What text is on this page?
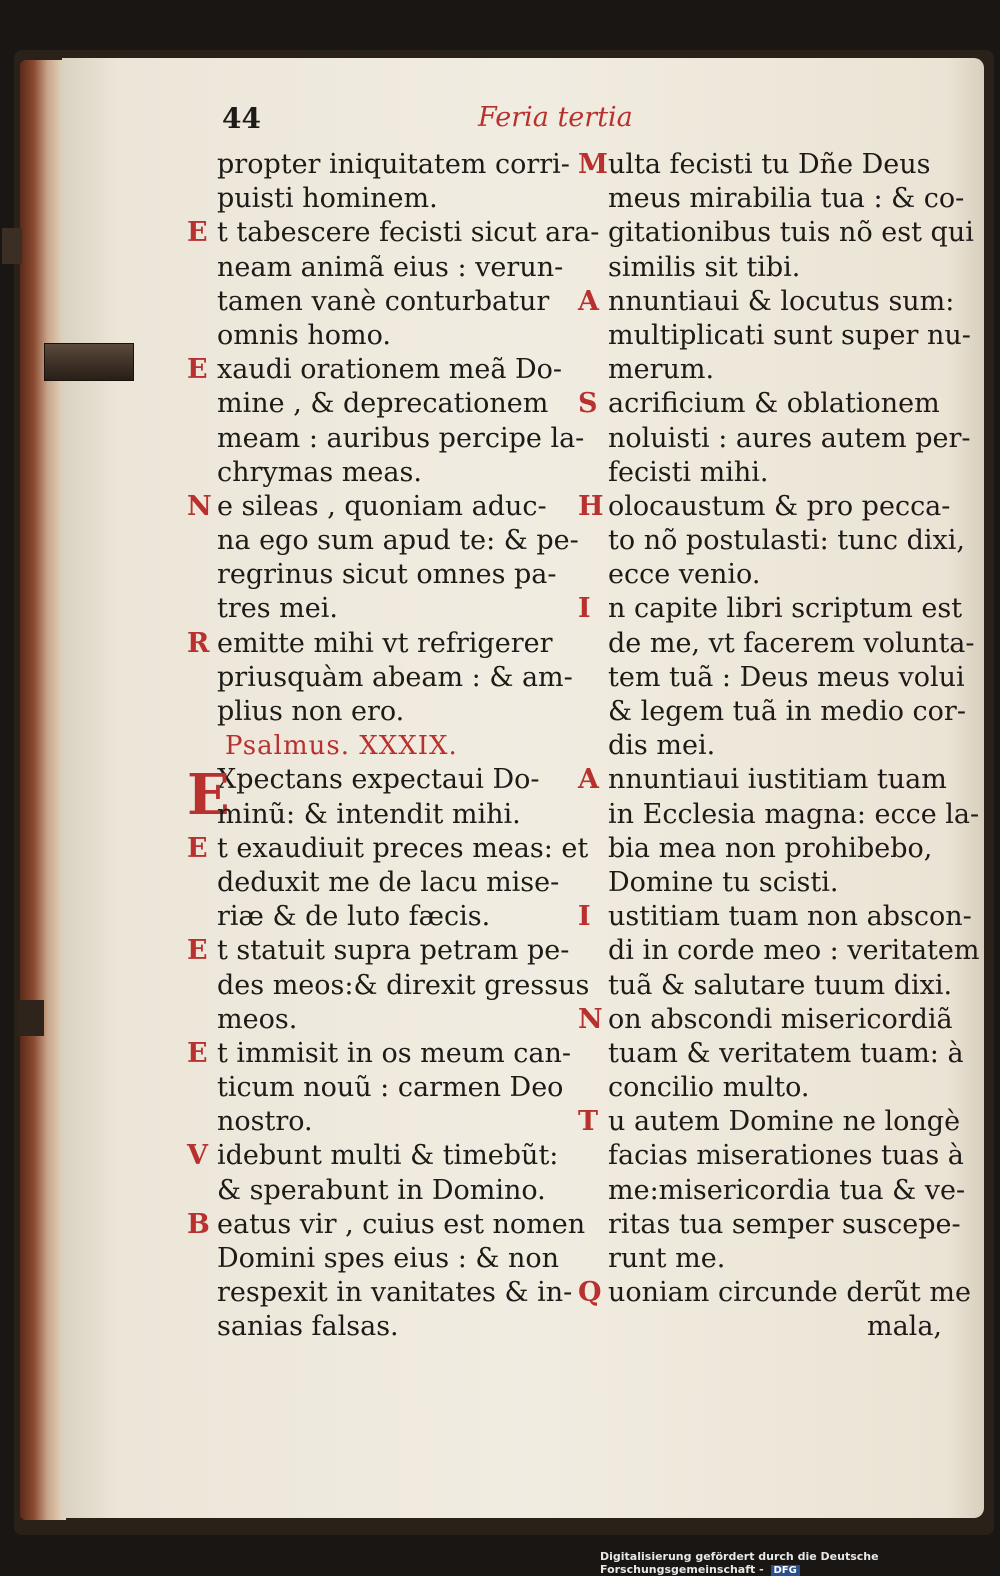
44	Feria tertia
propter iniquitatem corri-
puisti hominem.
E t tabescere fecisti sicut ara-
neam animã eius : verun-
tamen vanè conturbatur
omnis homo.
E xaudi orationem meã Do-
mine , & deprecationem
meam : auribus percipe la-
chrymas meas.
N e sileas , quoniam aduc-
na ego sum apud te: & pe-
regrinus sicut omnes pa-
tres mei.
R emitte mihi vt refrigerer
priusquàm abeam : & am-
plius non ero.
Psalmus. XXXIX.
E
Xpectans expectaui Do-
minũ: & intendit mihi.
E t exaudiuit preces meas: et
deduxit me de lacu mise-
riæ & de luto fæcis.
E t statuit supra petram pe-
des meos:& direxit gressus
meos.
E t immisit in os meum can-
ticum nouũ : carmen Deo
nostro.
V idebunt multi & timebũt:
& sperabunt in Domino.
B eatus vir , cuius est nomen
Domini spes eius : & non
respexit in vanitates & in-
sanias falsas.
M ulta fecisti tu Dñe Deus
meus mirabilia tua : & co-
gitationibus tuis nõ est qui
similis sit tibi.
A nnuntiaui & locutus sum:
multiplicati sunt super nu-
merum.
S acrificium & oblationem
noluisti : aures autem per-
fecisti mihi.
H olocaustum & pro pecca-
to nõ postulasti: tunc dixi,
ecce venio.
I n capite libri scriptum est
de me, vt facerem volunta-
tem tuã : Deus meus volui
& legem tuã in medio cor-
dis mei.
A nnuntiaui iustitiam tuam
in Ecclesia magna: ecce la-
bia mea non prohibebo,
Domine tu scisti.
I ustitiam tuam non abscon-
di in corde meo : veritatem
tuã & salutare tuum dixi.
N on abscondi misericordiã
tuam & veritatem tuam: à
concilio multo.
T u autem Domine ne longè
facias miserationes tuas à
me:misericordia tua & ve-
ritas tua semper suscepe-
runt me.
Q uoniam circunde derũt me
mala,
Digitalisierung gefördert durch die Deutsche Forschungsgemeinschaft - DFG
